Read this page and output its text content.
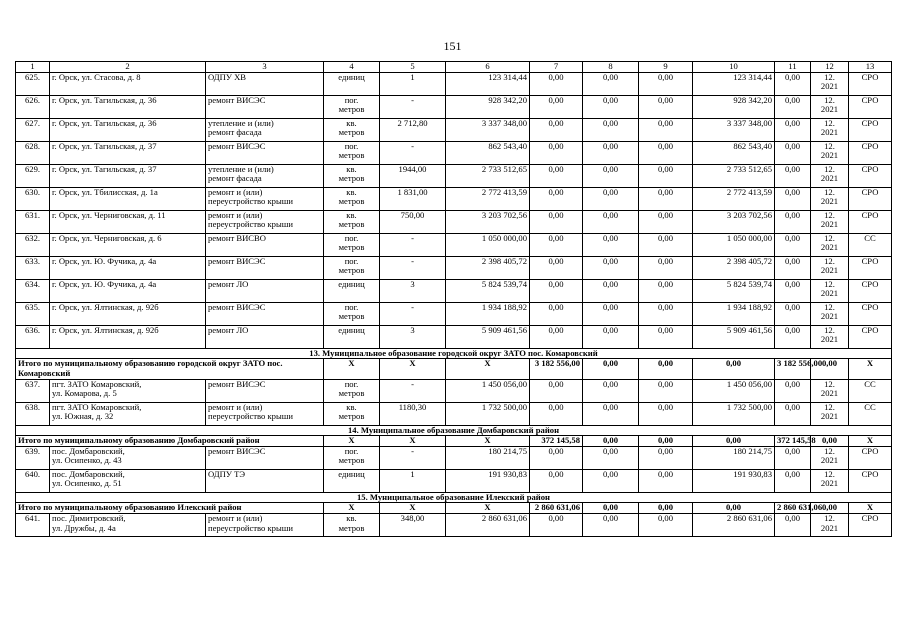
151
1	2	3	4	5	6	7	8	9	10	11	12	13	
625.	г. Орск, ул. Стасова, д. 8	ОДПУ ХВ	единиц	1	123 314,44	0,00	0,00	0,00	123 314,44	0,00	12.
2021	СРО	
626.	г. Орск, ул. Тагильская, д. 36	ремонт ВИСЭС	пог.
метров	-	928 342,20	0,00	0,00	0,00	928 342,20	0,00	12.
2021	СРО	
627.	г. Орск, ул. Тагильская, д. 36	утепление и (или)
ремонт фасада	кв.
метров	2 712,80	3 337 348,00	0,00	0,00	0,00	3 337 348,00	0,00	12.
2021	СРО	
628.	г. Орск, ул. Тагильская, д. 37	ремонт ВИСЭС	пог.
метров	-	862 543,40	0,00	0,00	0,00	862 543,40	0,00	12.
2021	СРО	
629.	г. Орск, ул. Тагильская, д. 37	утепление и (или)
ремонт фасада	кв.
метров	1944,00	2 733 512,65	0,00	0,00	0,00	2 733 512,65	0,00	12.
2021	СРО	
630.	г. Орск, ул. Тбилисская, д. 1а	ремонт и (или)
переустройство крыши	кв.
метров	1 831,00	2 772 413,59	0,00	0,00	0,00	2 772 413,59	0,00	12.
2021	СРО	
631.	г. Орск, ул. Черниговская, д. 11	ремонт и (или)
переустройство крыши	кв.
метров	750,00	3 203 702,56	0,00	0,00	0,00	3 203 702,56	0,00	12.
2021	СРО	
632.	г. Орск, ул. Черниговская, д. 6	ремонт ВИСВО	пог.
метров	-	1 050 000,00	0,00	0,00	0,00	1 050 000,00	0,00	12.
2021	СС	
633.	г. Орск, ул. Ю. Фучика, д. 4а	ремонт ВИСЭС	пог.
метров	-	2 398 405,72	0,00	0,00	0,00	2 398 405,72	0,00	12.
2021	СРО	
634.	г. Орск, ул. Ю. Фучика, д. 4а	ремонт ЛО	единиц	3	5 824 539,74	0,00	0,00	0,00	5 824 539,74	0,00	12.
2021	СРО	
635.	г. Орск, ул. Ялтинская, д. 92б	ремонт ВИСЭС	пог.
метров	-	1 934 188,92	0,00	0,00	0,00	1 934 188,92	0,00	12.
2021	СРО	
636.	г. Орск, ул. Ялтинская, д. 92б	ремонт ЛО	единиц	3	5 909 461,56	0,00	0,00	0,00	5 909 461,56	0,00	12.
2021	СРО	
13. Муниципальное образование городской округ ЗАТО пос. Комаровский													
Итого по муниципальному образованию городской округ ЗАТО пос. Комаровский			X	X	X	3 182 556,00	0,00	0,00	0,00	3 182 556,00	0,00	X	
637.	пгт. ЗАТО Комаровский,
ул. Комарова, д. 5	ремонт ВИСЭС	пог.
метров	-	1 450 056,00	0,00	0,00	0,00	1 450 056,00	0,00	12.
2021	СС	
638.	пгт. ЗАТО Комаровский,
ул. Южная, д. 32	ремонт и (или)
переустройство крыши	кв.
метров	1180,30	1 732 500,00	0,00	0,00	0,00	1 732 500,00	0,00	12.
2021	СС	
14. Муниципальное образование Домбаровский район													
Итого по муниципальному образованию Домбаровский район			X	X	X	372 145,58	0,00	0,00	0,00	372 145,58	0,00	X	
639.	пос. Домбаровский,
ул. Осипенко, д. 43	ремонт ВИСЭС	пог.
метров	-	180 214,75	0,00	0,00	0,00	180 214,75	0,00	12.
2021	СРО	
640.	пос. Домбаровский,
ул. Осипенко, д. 51	ОДПУ ТЭ	единиц	1	191 930,83	0,00	0,00	0,00	191 930,83	0,00	12.
2021	СРО	
15. Муниципальное образование Илекский район													
Итого по муниципальному образованию Илекский район			X	X	X	2 860 631,06	0,00	0,00	0,00	2 860 631,06	0,00	X	
641.	пос. Димитровский,
ул. Дружбы, д. 4а	ремонт и (или)
переустройство крыши	кв.
метров	348,00	2 860 631,06	0,00	0,00	0,00	2 860 631,06	0,00	12.
2021	СРО	
